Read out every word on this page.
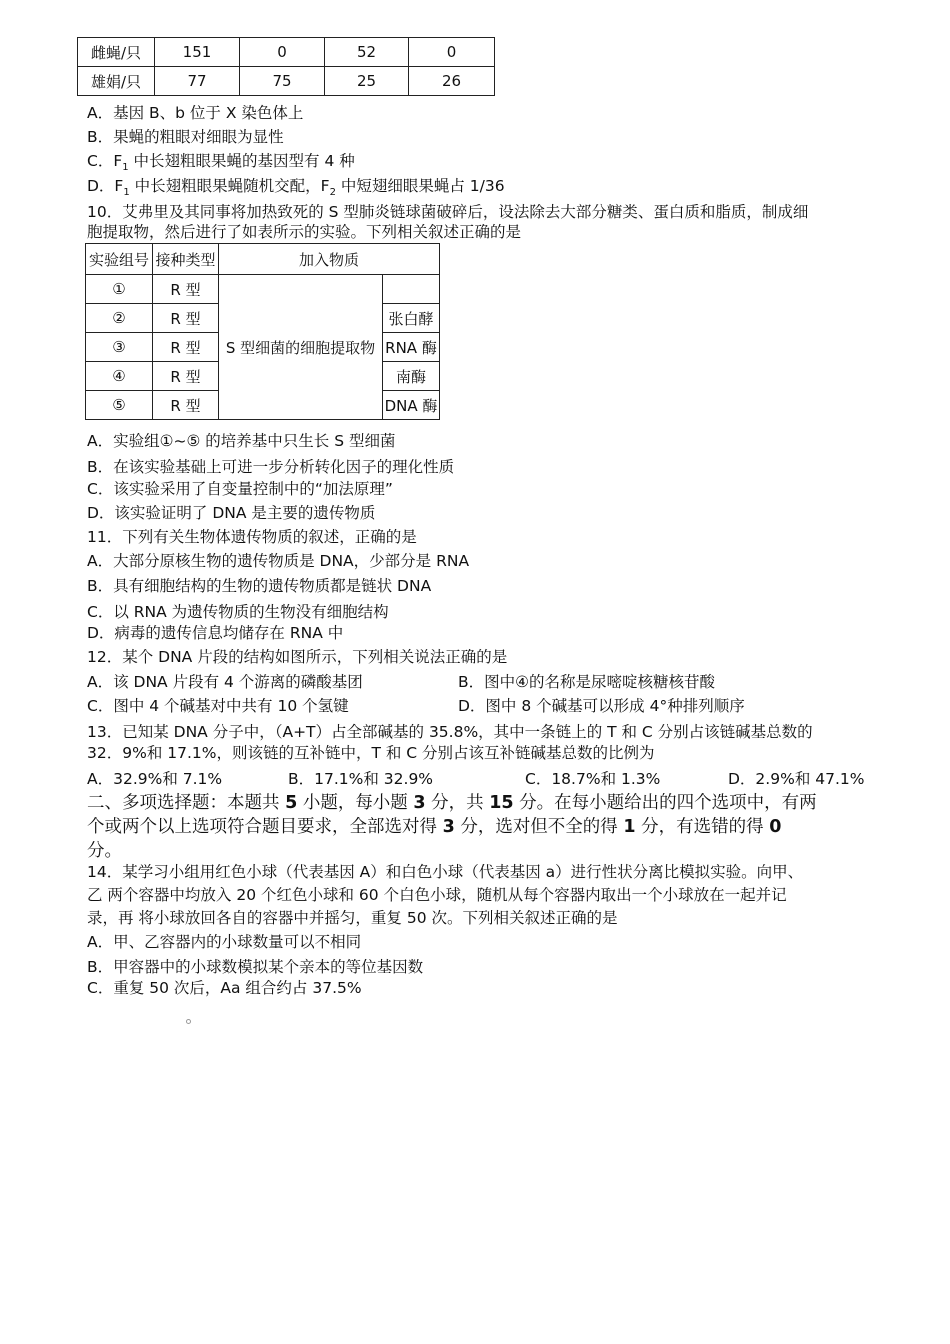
雌蝇/只	151	0	52	0
雄娟/只	77	75	25	26
A．基因 B、b 位于 X 染色体上
B．果蝇的粗眼对细眼为显性
C．$F_1$ 中长翅粗眼果蝇的基因型有 4 种
D．$F_1$ 中长翅粗眼果蝇随机交配，$F_2$ 中短翅细眼果蝇占 1/36
10．艾弗里及其同事将加热致死的 S 型肺炎链球菌破碎后，设法除去大部分糖类、蛋白质和脂质，制成细
胞提取物，然后进行了如表所示的实验。下列相关叙述正确的是
实验组号	接种类型	加入物质	
①	R 型	S 型细菌的细胞提取物	
②	R 型		张白酵
③	R 型		RNA 酶
④	R 型		南酶
⑤	R 型		DNA 酶
A．实验组①~⑤ 的培养基中只生长 S 型细菌
B．在该实验基础上可进一步分析转化因子的理化性质
C．该实验采用了自变量控制中的“加法原理”
D．该实验证明了 DNA 是主要的遗传物质
11．下列有关生物体遗传物质的叙述，正确的是
A．大部分原核生物的遗传物质是 DNA，少部分是 RNA
B．具有细胞结构的生物的遗传物质都是链状 DNA
C．以 RNA 为遗传物质的生物没有细胞结构
D．病毒的遗传信息均储存在 RNA 中
12．某个 DNA 片段的结构如图所示，下列相关说法正确的是
A．该 DNA 片段有 4 个游离的磷酸基团	B．图中④的名称是尿嘧啶核糖核苷酸
C．图中 4 个碱基对中共有 10 个氢键	D．图中 8 个碱基可以形成 4°种排列顺序
13．已知某 DNA 分子中，（A+T）占全部碱基的 35.8%，其中一条链上的 T 和 C 分别占该链碱基总数的
32．9%和 17.1%，则该链的互补链中，T 和 C 分别占该互补链碱基总数的比例为
A．32.9%和 7.1%	B．17.1%和 32.9%	C．18.7%和 1.3%	D．2.9%和 47.1%
二、多项选择题：本题共 5 小题，每小题 3 分，共 15 分。在每小题给出的四个选项中，有两
个或两个以上选项符合题目要求，全部选对得 3 分，选对但不全的得 1 分，有选错的得 0
分。
14．某学习小组用红色小球（代表基因 A）和白色小球（代表基因 a）进行性状分离比模拟实验。向甲、
乙 两个容器中均放入 20 个红色小球和 60 个白色小球，随机从每个容器内取出一个小球放在一起并记
录，再 将小球放回各自的容器中并摇匀，重复 50 次。下列相关叙述正确的是
A．甲、乙容器内的小球数量可以不相同
B．甲容器中的小球数模拟某个亲本的等位基因数
C．重复 50 次后，Aa 组合约占 37.5%
